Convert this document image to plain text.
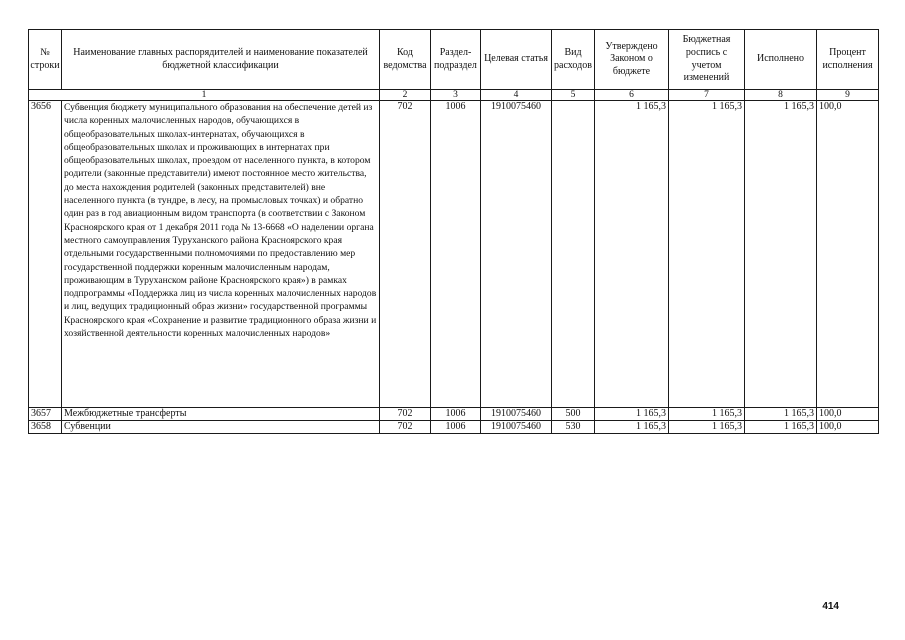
№ строки	Наименование главных распорядителей и наименование показателей бюджетной классификации	Код ведомства	Раздел-подраздел	Целевая статья	Вид расходов	Утверждено Законом о бюджете	Бюджетная роспись с учетом изменений	Исполнено	Процент исполнения
1		2	3	4	5	6	7	8	9
3656	Субвенция бюджету муниципального образования на обеспечение детей из числа коренных малочисленных народов, обучающихся в общеобразовательных школах-интернатах, обучающихся в общеобразовательных школах и проживающих в интернатах при общеобразовательных школах, проездом от населенного пункта, в котором родители (законные представители) имеют постоянное место жительства, до места нахождения родителей (законных представителей) вне населенного пункта (в тундре, в лесу, на промысловых точках) и обратно один раз в год авиационным видом транспорта (в соответствии с Законом Красноярского края от 1 декабря 2011 года № 13-6668 «О наделении органа местного самоуправления Туруханского района Красноярского края отдельными государственными полномочиями по предоставлению мер государственной поддержки коренным малочисленным народам, проживающим в Туруханском районе Красноярского края») в рамках подпрограммы «Поддержка лиц из числа коренных малочисленных народов и лиц, ведущих традиционный образ жизни» государственной программы Красноярского края «Сохранение и развитие традиционного образа жизни и хозяйственной деятельности коренных малочисленных народов»	702	1006	1910075460		1 165,3	1 165,3	1 165,3	100,0
3657	Межбюджетные трансферты	702	1006	1910075460	500	1 165,3	1 165,3	1 165,3	100,0
3658	Субвенции	702	1006	1910075460	530	1 165,3	1 165,3	1 165,3	100,0
414
